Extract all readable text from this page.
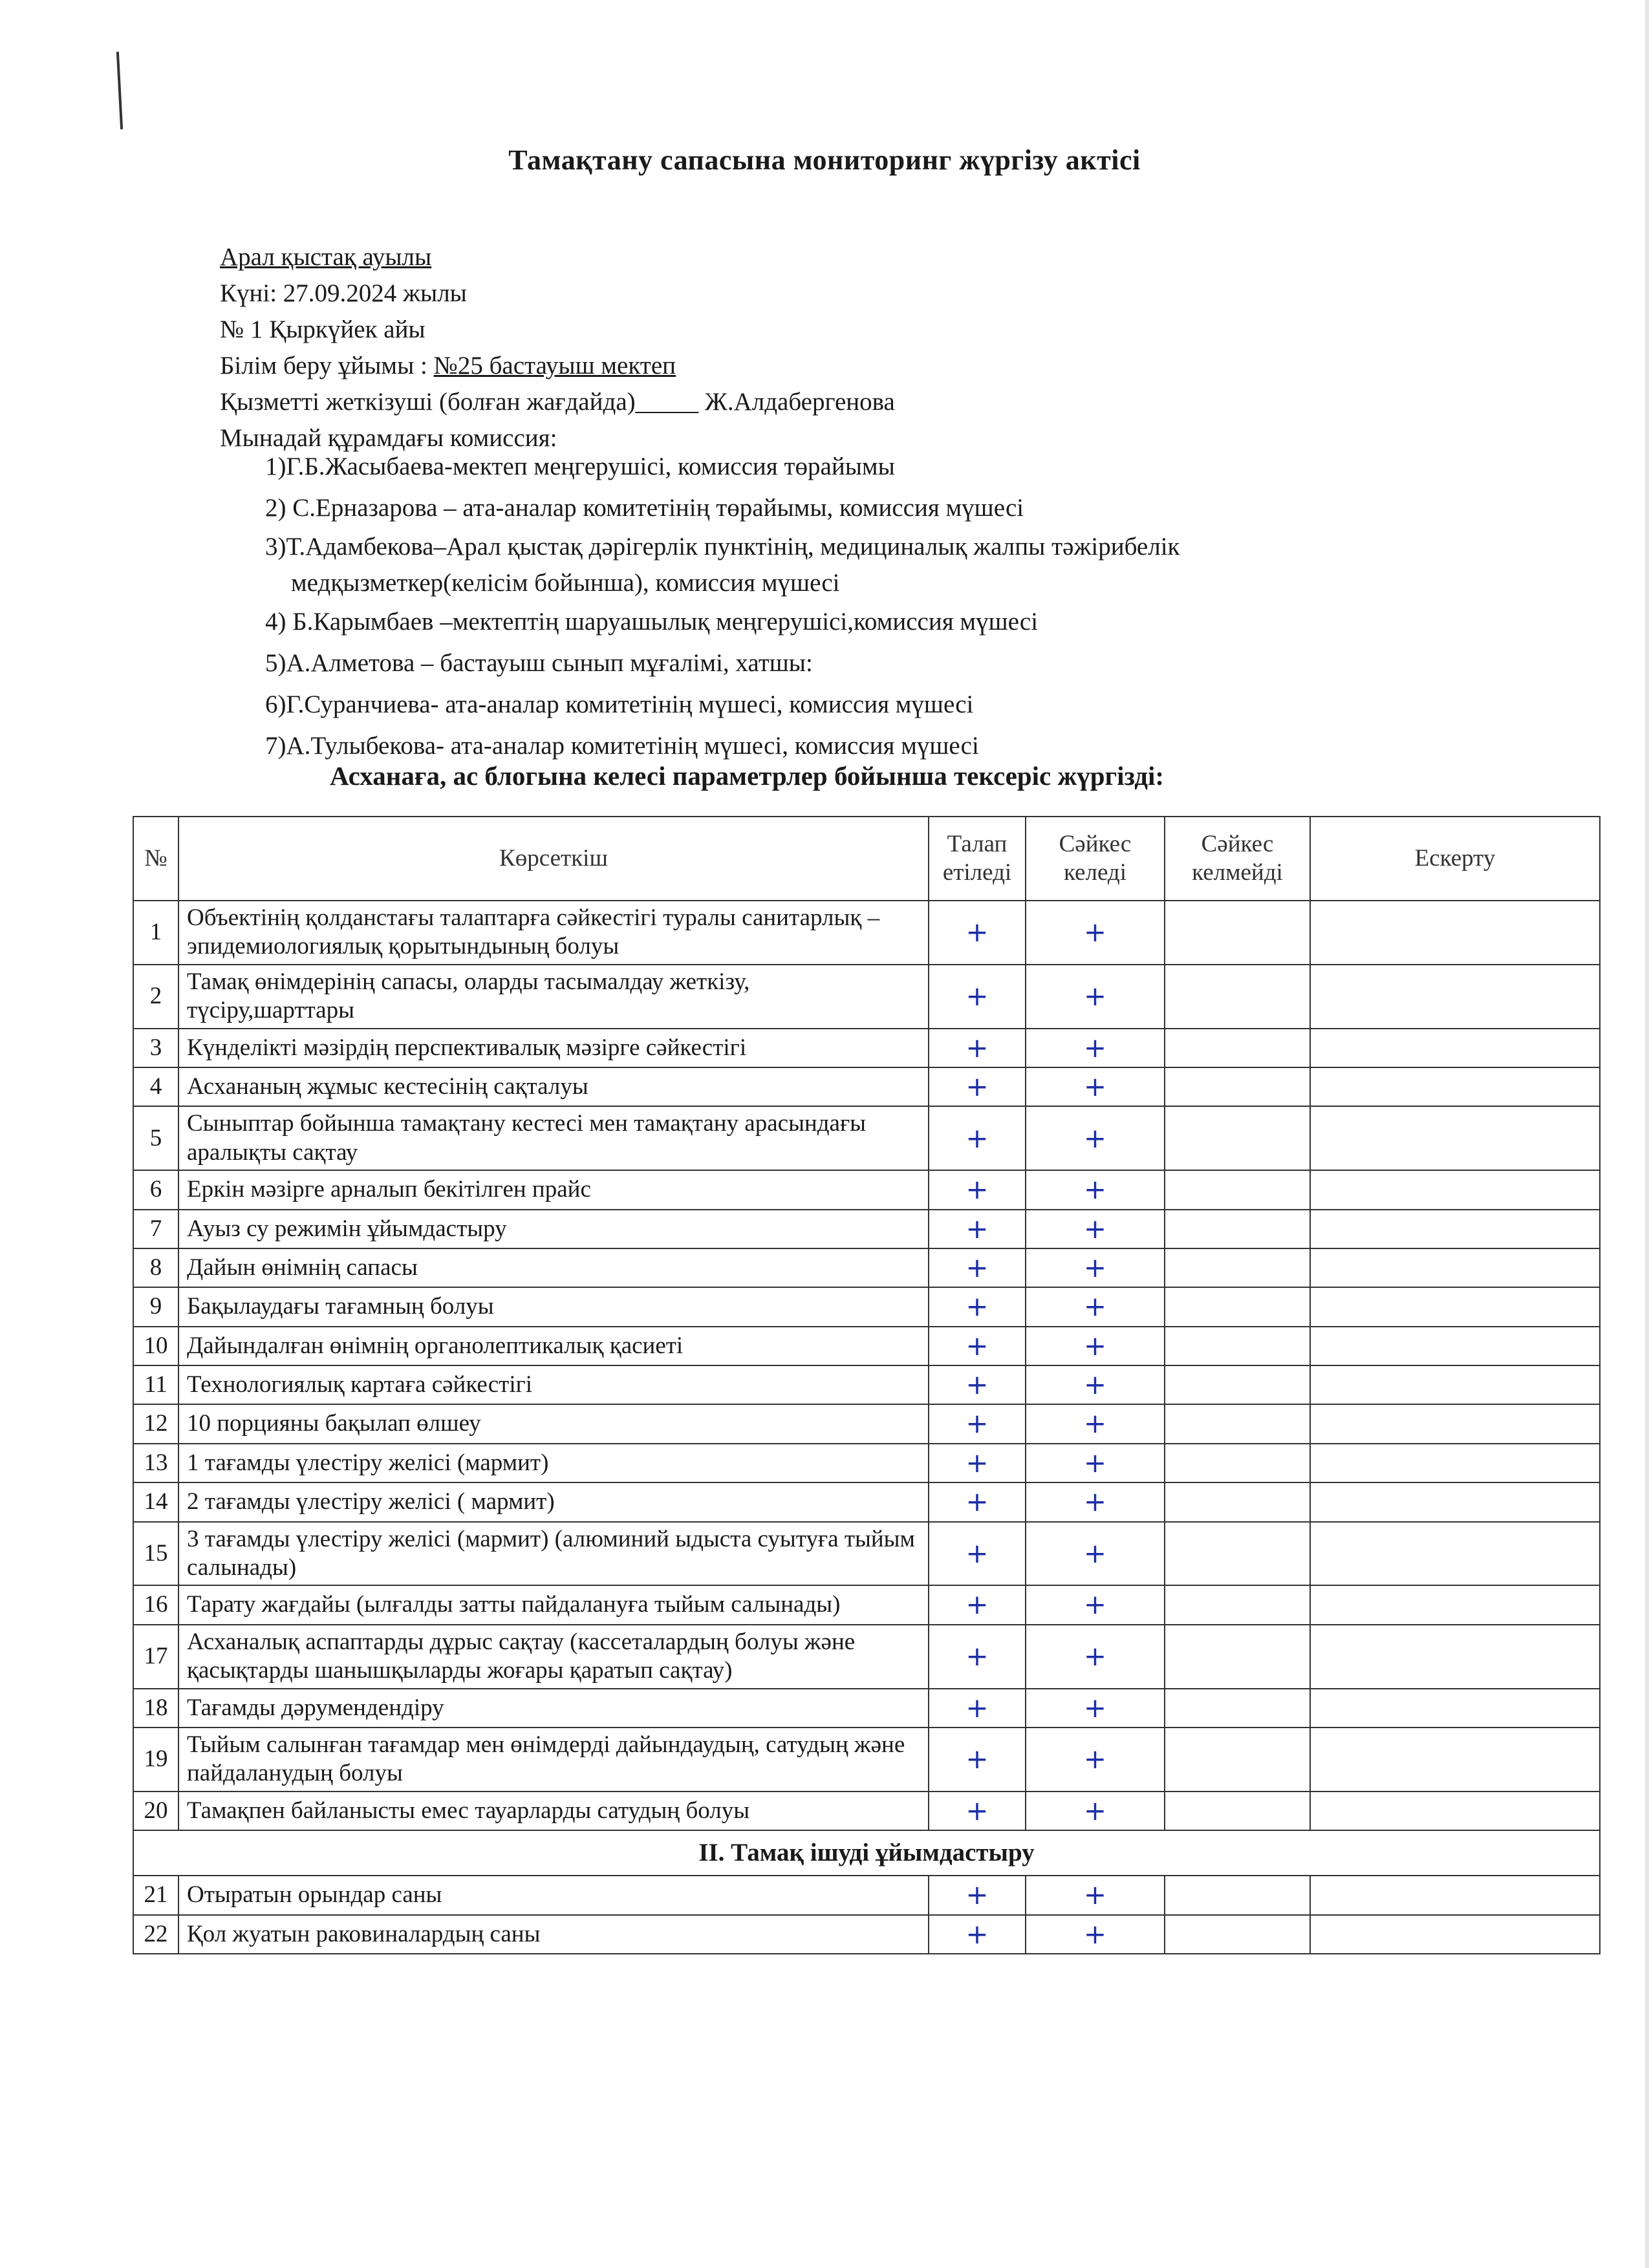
Тамақтану сапасына мониторинг жүргізу актісі
Арал қыстақ ауылы
Күні: 27.09.2024 жылы
№ 1 Қыркүйек айы
Білім беру ұйымы : №25 бастауыш мектеп
Қызметті жеткізуші (болған жағдайда)_____ Ж.Алдабергенова
Мынадай құрамдағы комиссия:
1)Г.Б.Жасыбаева-мектеп меңгерушісі, комиссия төрайымы
2) С.Ерназарова – ата-аналар комитетінің төрайымы, комиссия мүшесі
3)Т.Адамбекова–Арал қыстақ дәрігерлік пунктінің, медициналық жалпы тәжірибелік
медқызметкер(келісім бойынша), комиссия мүшесі
4) Б.Карымбаев –мектептің шаруашылық меңгерушісі,комиссия мүшесі
5)А.Алметова – бастауыш сынып мұғалімі, хатшы:
6)Г.Суранчиева- ата-аналар комитетінің мүшесі, комиссия мүшесі
7)А.Тулыбекова- ата-аналар комитетінің мүшесі, комиссия мүшесі
Асханаға, ас блогына келесі параметрлер бойынша тексеріс жүргізді:
№	Көрсеткіш	Талап етіледі	Сәйкес келеді	Сәйкес келмейді	Ескерту
1	Объектінің қолданстағы талаптарға сәйкестігі туралы санитарлық – эпидемиологиялық қорытындының болуы	+	+		
2	Тамақ өнімдерінің сапасы, оларды тасымалдау жеткізу, түсіру,шарттары	+	+		
3	Күнделікті мәзірдің перспективалық мәзірге сәйкестігі	+	+		
4	Асхананың жұмыс кестесінің сақталуы	+	+		
5	Сыныптар бойынша тамақтану кестесі мен тамақтану арасындағы аралықты сақтау	+	+		
6	Еркін мәзірге арналып бекітілген прайс	+	+		
7	Ауыз су режимін ұйымдастыру	+	+		
8	Дайын өнімнің сапасы	+	+		
9	Бақылаудағы тағамның болуы	+	+		
10	Дайындалған өнімнің органолептикалық қасиеті	+	+		
11	Технологиялық картаға сәйкестігі	+	+		
12	10 порцияны бақылап өлшеу	+	+		
13	1 тағамды үлестіру желісі (мармит)	+	+		
14	2 тағамды үлестіру желісі ( мармит)	+	+		
15	3 тағамды үлестіру желісі (мармит) (алюминий ыдыста суытуға тыйым салынады)	+	+		
16	Тарату жағдайы (ылғалды затты пайдалануға тыйым салынады)	+	+		
17	Асханалық аспаптарды дұрыс сақтау (кассеталардың болуы және қасықтарды шанышқыларды жоғары қаратып сақтау)	+	+		
18	Тағамды дәрумендендіру	+	+		
19	Тыйым салынған тағамдар мен өнімдерді дайындаудың, сатудың және пайдаланудың болуы	+	+		
20	Тамақпен байланысты емес тауарларды сатудың болуы	+	+		
II. Тамақ ішуді ұйымдастыру					
21	Отыратын орындар саны	+	+		
22	Қол жуатын раковиналардың саны	+	+		
